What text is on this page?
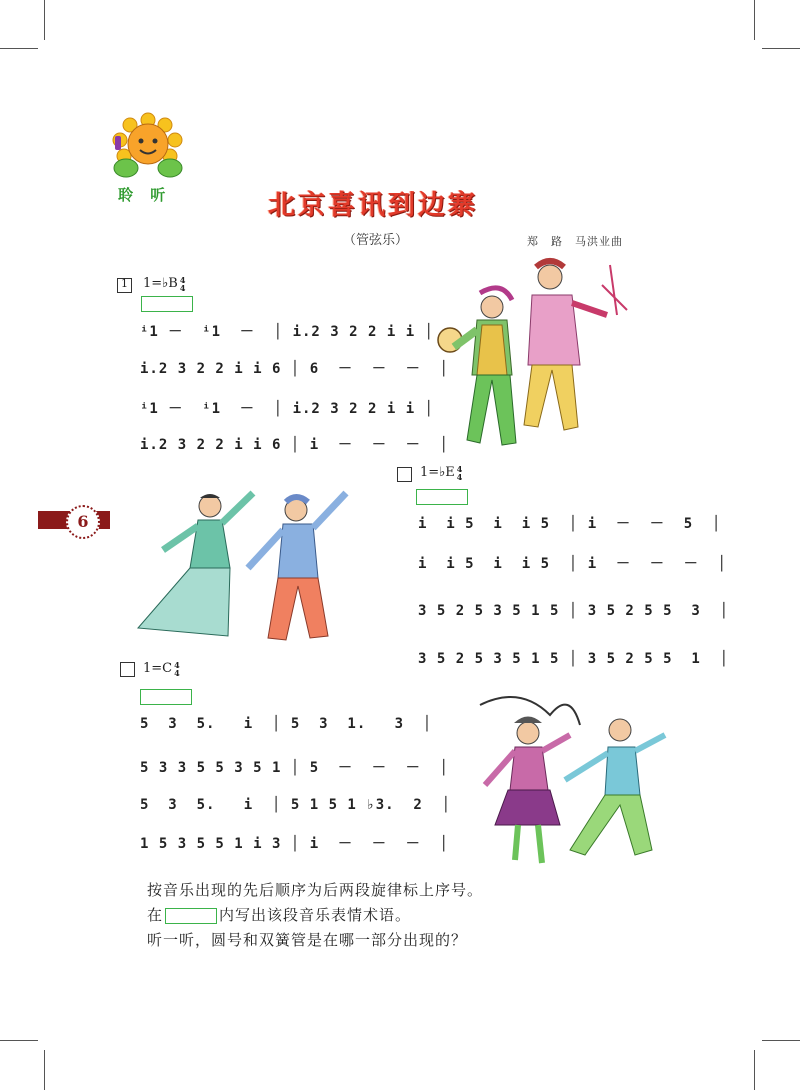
聆 听	北京喜讯到边寨
（管弦乐）	郑　路　马洪业曲
1 1=♭B 4
4
ⁱ1 －  ⁱ1  －  │ i.2 3 2 2 i i │
i.2 3 2 2 i i 6 │ 6  －  －  －  │
ⁱ1 －  ⁱ1  －  │ i.2 3 2 2 i i │
i.2 3 2 2 i i 6 │ i  －  －  －  │
1=♭E 4
4
i  i 5  i  i 5  │ i  －  －  5  │
i  i 5  i  i 5  │ i  －  －  －  │
3 5 2 5 3 5 1 5 │ 3 5 2 5 5  3  │
3 5 2 5 3 5 1 5 │ 3 5 2 5 5  1  │
6
1=C 4
4
5  3  5.   i  │ 5  3  1.   3  │
5 3 3 5 5 3 5 1 │ 5  －  －  －  │
5  3  5.   i  │ 5 1 5 1 ♭3.  2  │
1 5 3 5 5 1 i 3 │ i  －  －  －  │
按音乐出现的先后顺序为后两段旋律标上序号。
在	内写出该段音乐表情术语。
听一听，圆号和双簧管是在哪一部分出现的？
